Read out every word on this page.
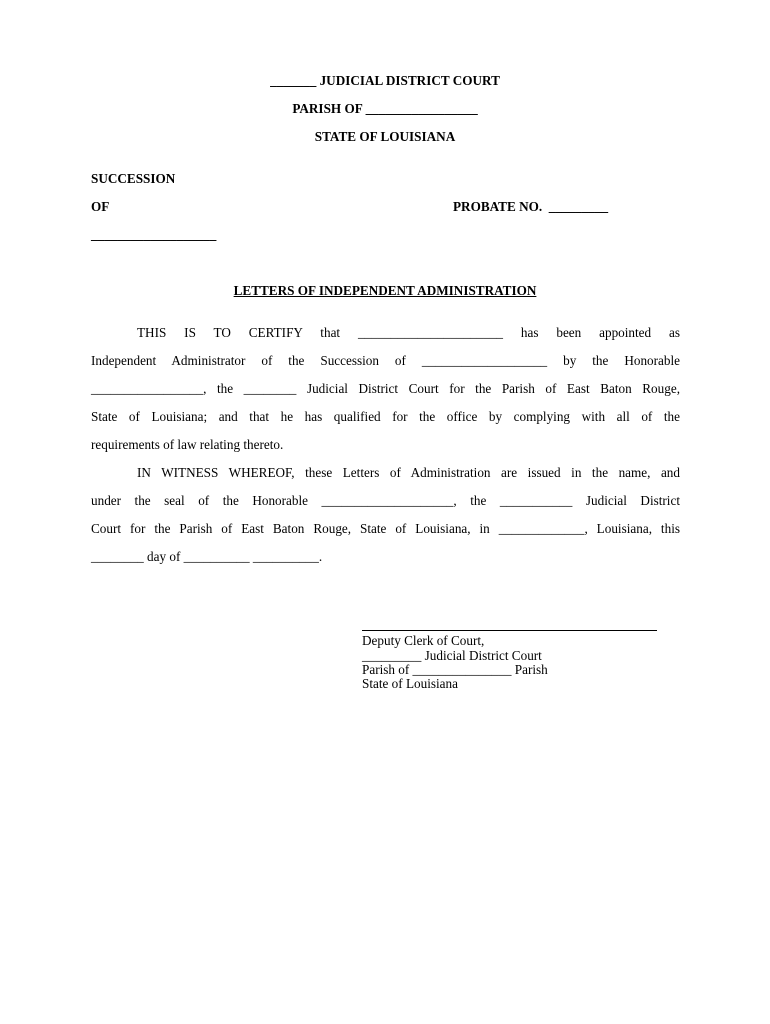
_______ JUDICIAL DISTRICT COURT
PARISH OF _________________
STATE OF LOUISIANA
SUCCESSION
OF	PROBATE NO.  _________
___________________
LETTERS OF INDEPENDENT ADMINISTRATION
THIS IS TO CERTIFY that ______________________ has been appointed as
Independent Administrator of the Succession of ___________________ by the Honorable
_________________, the ________ Judicial District Court for the Parish of East Baton Rouge,
State of Louisiana; and that he has qualified for the office by complying with all of the
requirements of law relating thereto.
IN WITNESS WHEREOF, these Letters of Administration are issued in the name, and
under the seal of the Honorable ____________________, the ___________ Judicial District
Court for the Parish of East Baton Rouge, State of Louisiana, in _____________, Louisiana, this
________ day of __________ __________.
Deputy Clerk of Court,
_________ Judicial District Court
Parish of _______________ Parish
State of Louisiana
